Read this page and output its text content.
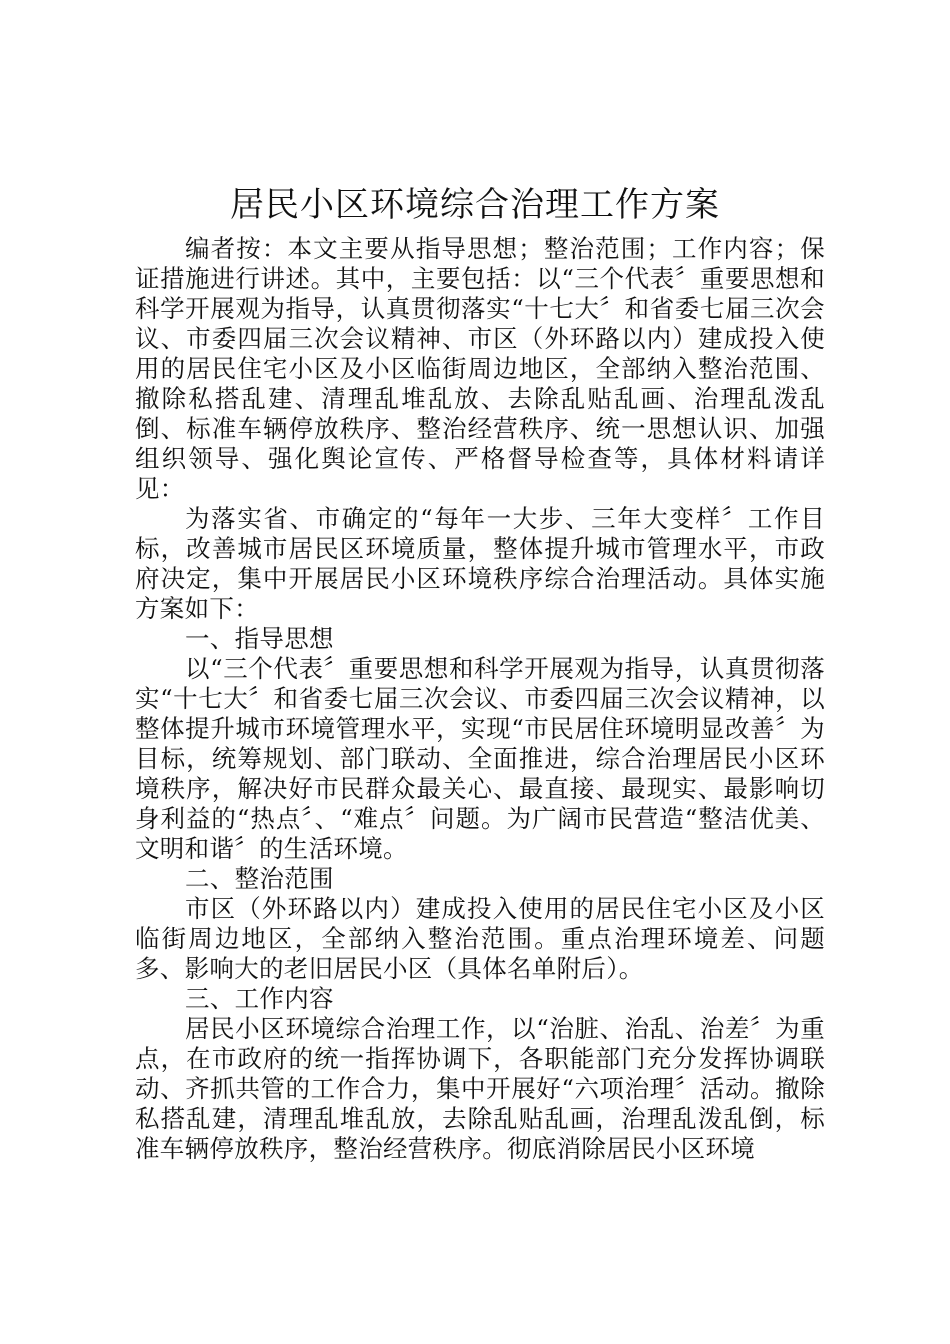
居民小区环境综合治理工作方案

编者按：本文主要从指导思想；整治范围；工作内容；保证措施进行讲述。其中，主要包括：以“三个代表〞重要思想和科学开展观为指导，认真贯彻落实“十七大〞和省委七届三次会议、市委四届三次会议精神、市区（外环路以内）建成投入使用的居民住宅小区及小区临街周边地区，全部纳入整治范围、撤除私搭乱建、清理乱堆乱放、去除乱贴乱画、治理乱泼乱倒、标准车辆停放秩序、整治经营秩序、统一思想认识、加强组织领导、强化舆论宣传、严格督导检查等，具体材料请详见：

为落实省、市确定的“每年一大步、三年大变样〞工作目标，改善城市居民区环境质量，整体提升城市管理水平，市政府决定，集中开展居民小区环境秩序综合治理活动。具体实施方案如下：

一、指导思想

以“三个代表〞重要思想和科学开展观为指导，认真贯彻落实“十七大〞和省委七届三次会议、市委四届三次会议精神，以整体提升城市环境管理水平，实现“市民居住环境明显改善〞为目标，统筹规划、部门联动、全面推进，综合治理居民小区环境秩序，解决好市民群众最关心、最直接、最现实、最影响切身利益的“热点〞、“难点〞问题。为广阔市民营造“整洁优美、文明和谐〞的生活环境。

二、整治范围

市区（外环路以内）建成投入使用的居民住宅小区及小区临街周边地区，全部纳入整治范围。重点治理环境差、问题多、影响大的老旧居民小区（具体名单附后）。

三、工作内容

居民小区环境综合治理工作，以“治脏、治乱、治差〞为重点，在市政府的统一指挥协调下，各职能部门充分发挥协调联动、齐抓共管的工作合力，集中开展好“六项治理〞活动。撤除私搭乱建，清理乱堆乱放，去除乱贴乱画，治理乱泼乱倒，标准车辆停放秩序，整治经营秩序。彻底消除居民小区环境
